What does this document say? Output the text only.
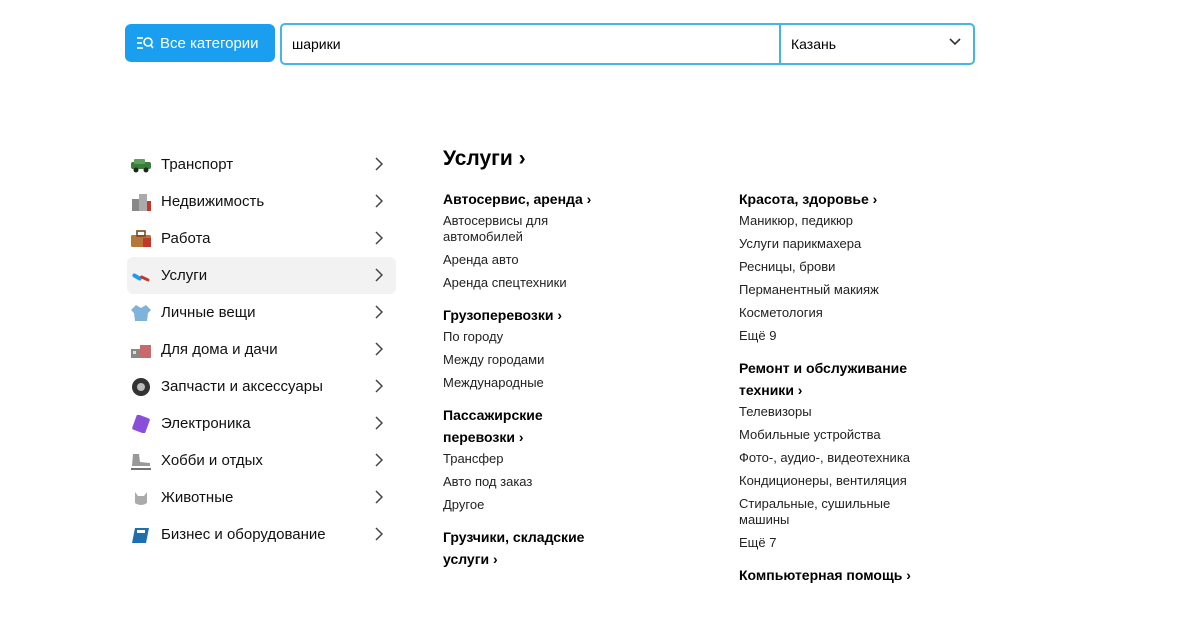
Все категории
шарики	Казань
Транспорт
Недвижимость
Работа
Услуги
Личные вещи
Для дома и дачи
Запчасти и аксессуары
Электроника
Хобби и отдых
Животные
Бизнес и оборудование
Услуги ›
Автосервис, аренда ›
Автосервисы для автомобилей
Аренда авто
Аренда спецтехники
Грузоперевозки ›
По городу
Между городами
Международные
Пассажирские перевозки ›
Трансфер
Авто под заказ
Другое
Грузчики, складские услуги ›
Красота, здоровье ›
Маникюр, педикюр
Услуги парикмахера
Ресницы, брови
Перманентный макияж
Косметология
Ещё 9
Ремонт и обслуживание техники ›
Телевизоры
Мобильные устройства
Фото-, аудио-, видеотехника
Кондиционеры, вентиляция
Стиральные, сушильные машины
Ещё 7
Компьютерная помощь ›
